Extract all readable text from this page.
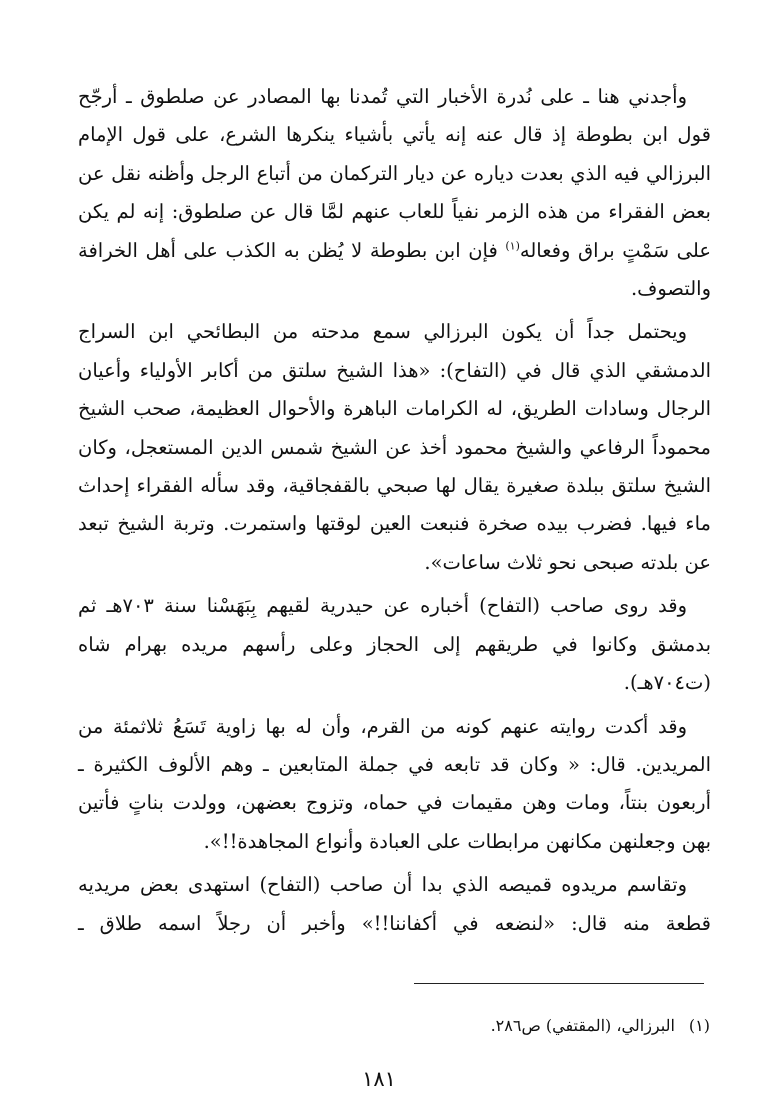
وأجدني هنا ـ على نُدرة الأخبار التي تُمدنا بها المصادر عن صلطوق ـ أرجّح قول ابن بطوطة إذ قال عنه إنه يأتي بأشياء ينكرها الشرع، على قول الإمام البرزالي فيه الذي بعدت دياره عن ديار التركمان من أتباع الرجل وأظنه نقل عن بعض الفقراء من هذه الزمر نفياً للعاب عنهم لمَّا قال عن صلطوق: إنه لم يكن على سَمْتٍ براق وفعاله$^{(١)}$ فإن ابن بطوطة لا يُظن به الكذب على أهل الخرافة والتصوف.

ويحتمل جداً أن يكون البرزالي سمع مدحته من البطائحي ابن السراج الدمشقي الذي قال في (التفاح): «هذا الشيخ سلتق من أكابر الأولياء وأعيان الرجال وسادات الطريق، له الكرامات الباهرة والأحوال العظيمة، صحب الشيخ محموداً الرفاعي والشيخ محمود أخذ عن الشيخ شمس الدين المستعجل، وكان الشيخ سلتق ببلدة صغيرة يقال لها صبحي بالقفجاقية، وقد سأله الفقراء إحداث ماء فيها. فضرب بيده صخرة فنبعت العين لوقتها واستمرت. وتربة الشيخ تبعد عن بلدته صبحى نحو ثلاث ساعات».

وقد روى صاحب (التفاح) أخباره عن حيدرية لقيهم بِبَهَسْنا سنة ٧٠٣هـ ثم بدمشق وكانوا في طريقهم إلى الحجاز وعلى رأسهم مريده بهرام شاه (ت٧٠٤هـ).

وقد أكدت روايته عنهم كونه من القرم، وأن له بها زاوية تَسَعُ ثلاثمئة من المريدين. قال: « وكان قد تابعه في جملة المتابعين ـ وهم الألوف الكثيرة ـ أربعون بنتاً، ومات وهن مقيمات في حماه، وتزوج بعضهن، وولدت بناتٍ فأتين بهن وجعلنهن مكانهن مرابطات على العبادة وأنواع المجاهدة!!».

وتقاسم مريدوه قميصه الذي بدا أن صاحب (التفاح) استهدى بعض مريديه قطعة منه قال: «لنضعه في أكفاننا!!» وأخبر أن رجلاً اسمه طلاق ـ

(١)البرزالي، (المقتفي) ص٢٨٦.
١٨١
